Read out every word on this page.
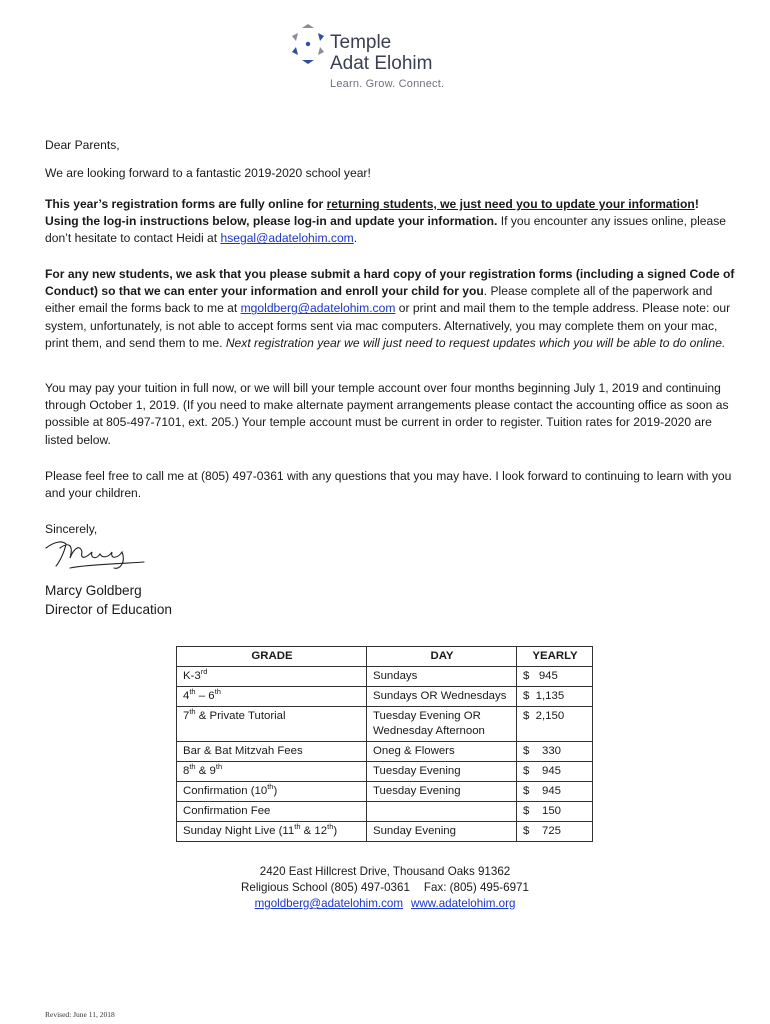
Temple
Adat Elohim
Learn. Grow. Connect.

Dear Parents,

We are looking forward to a fantastic 2019-2020 school year!

This year’s registration forms are fully online for returning students, we just need you to update your information! Using the log-in instructions below, please log-in and update your information. If you encounter any issues online, please don’t hesitate to contact Heidi at hsegal@adatelohim.com.

For any new students, we ask that you please submit a hard copy of your registration forms (including a signed Code of Conduct) so that we can enter your information and enroll your child for you. Please complete all of the paperwork and either email the forms back to me at mgoldberg@adatelohim.com or print and mail them to the temple address. Please note: our system, unfortunately, is not able to accept forms sent via mac computers. Alternatively, you may complete them on your mac, print them, and send them to me. Next registration year we will just need to request updates which you will be able to do online.

You may pay your tuition in full now, or we will bill your temple account over four months beginning July 1, 2019 and continuing through October 1, 2019. (If you need to make alternate payment arrangements please contact the accounting office as soon as possible at 805-497-7101, ext. 205.) Your temple account must be current in order to register. Tuition rates for 2019-2020 are listed below.

Please feel free to call me at (805) 497-0361 with any questions that you may have. I look forward to continuing to learn with you and your children.

Sincerely,

Marcy Goldberg

Director of Education

GRADE	DAY	YEARLY
K-3rd	Sundays	$   945
4th – 6th	Sundays OR Wednesdays	$  1,135
7th & Private Tutorial	Tuesday Evening OR Wednesday Afternoon	$  2,150
Bar & Bat Mitzvah Fees	Oneg & Flowers	$    330
8th & 9th	Tuesday Evening	$    945
Confirmation (10th)	Tuesday Evening	$    945
Confirmation Fee		$    150
Sunday Night Live (11th & 12th)	Sunday Evening	$    725
2420 East Hillcrest Drive, Thousand Oaks 91362
Religious School (805) 497-0361 Fax: (805) 495-6971
mgoldberg@adatelohim.com www.adatelohim.org
Revised: June 11, 2018
